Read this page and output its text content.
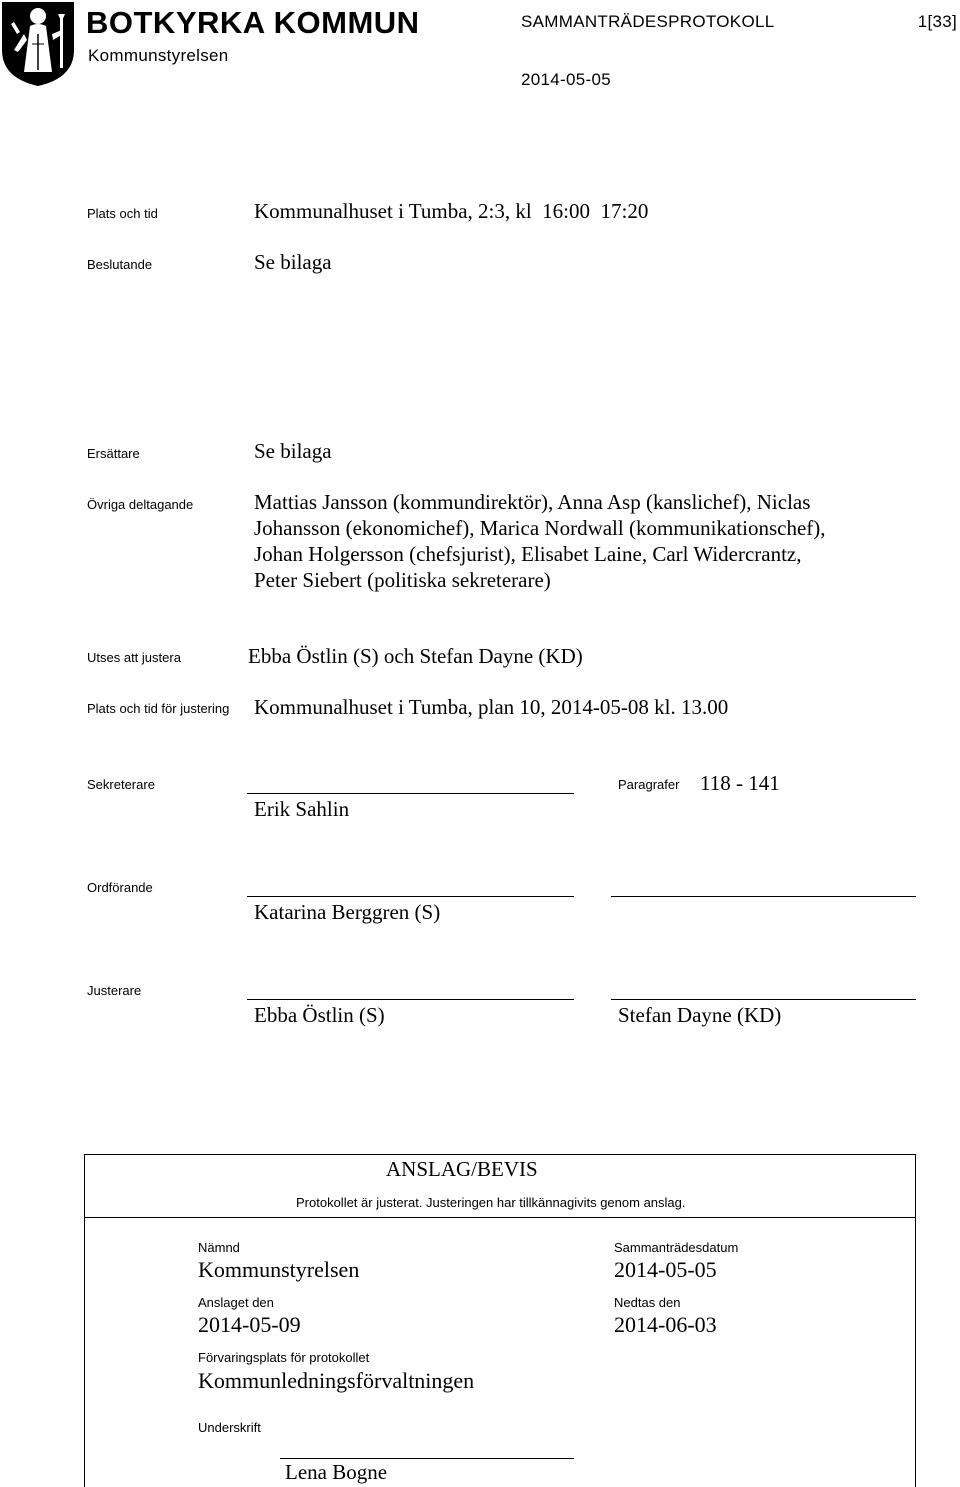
BOTKYRKA KOMMUN
Kommunstyrelsen
SAMMANTRÄDESPROTOKOLL	1[33]
2014-05-05
Plats och tid	Kommunalhuset i Tumba, 2:3, kl  16:00  17:20
Beslutande	Se bilaga
Ersättare	Se bilaga
Övriga deltagande	Mattias Jansson (kommundirektör), Anna Asp (kanslichef), Niclas
Johansson (ekonomichef), Marica Nordwall (kommunikationschef),
Johan Holgersson (chefsjurist), Elisabet Laine, Carl Widercrantz,
Peter Siebert (politiska sekreterare)
Utses att justera	Ebba Östlin (S) och Stefan Dayne (KD)
Plats och tid för justering Kommunalhuset i Tumba, plan 10, 2014-05-08 kl. 13.00
Sekreterare
Erik Sahlin
Paragrafer 118 - 141
Ordförande
Katarina Berggren (S)
Justerare
Ebba Östlin (S)	Stefan Dayne (KD)
ANSLAG/BEVIS
Protokollet är justerat. Justeringen har tillkännagivits genom anslag.
Nämnd
Kommunstyrelsen
Sammanträdesdatum
2014-05-05
Anslaget den
2014-05-09
Nedtas den
2014-06-03
Förvaringsplats för protokollet
Kommunledningsförvaltningen
Underskrift
Lena Bogne
